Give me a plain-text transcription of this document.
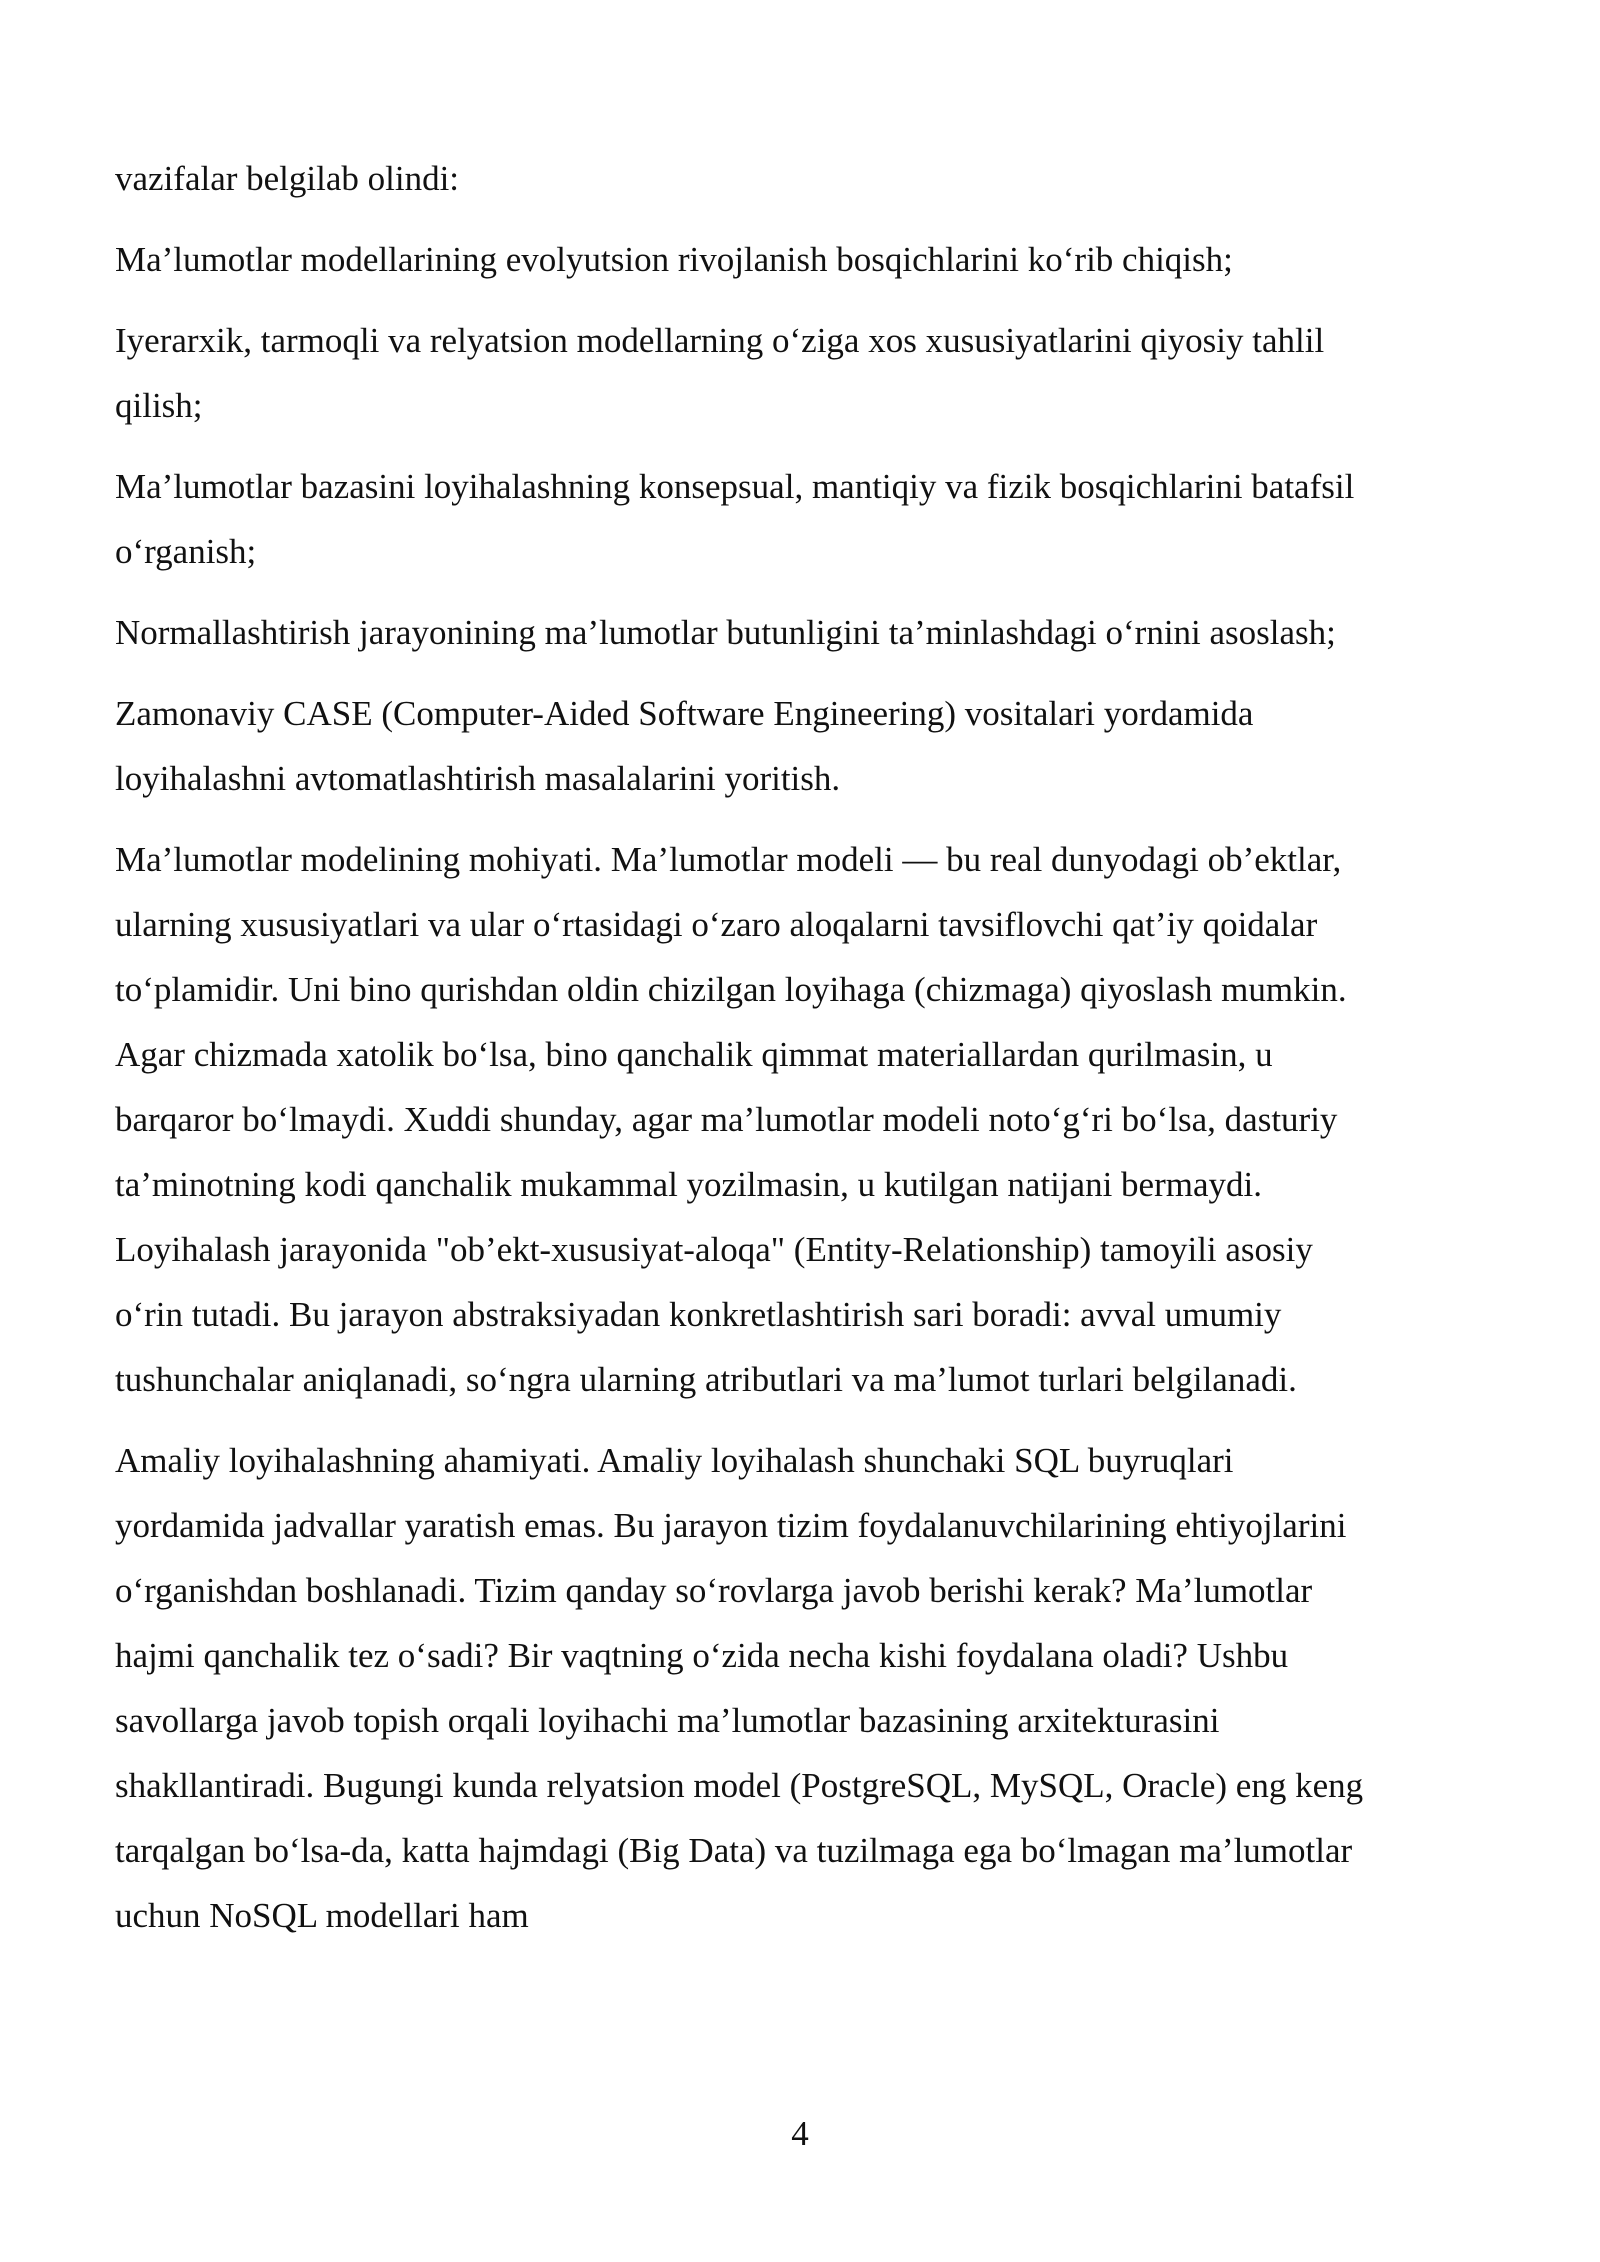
vazifalar belgilab olindi:

Ma’lumotlar modellarining evolyutsion rivojlanish bosqichlarini ko‘rib chiqish;

Iyerarxik, tarmoqli va relyatsion modellarning o‘ziga xos xususiyatlarini qiyosiy tahlil qilish;

Ma’lumotlar bazasini loyihalashning konsepsual, mantiqiy va fizik bosqichlarini batafsil o‘rganish;

Normallashtirish jarayonining ma’lumotlar butunligini ta’minlashdagi o‘rnini asoslash;

Zamonaviy CASE (Computer-Aided Software Engineering) vositalari yordamida loyihalashni avtomatlashtirish masalalarini yoritish.

Ma’lumotlar modelining mohiyati. Ma’lumotlar modeli — bu real dunyodagi ob’ektlar, ularning xususiyatlari va ular o‘rtasidagi o‘zaro aloqalarni tavsiflovchi qat’iy qoidalar to‘plamidir. Uni bino qurishdan oldin chizilgan loyihaga (chizmaga) qiyoslash mumkin. Agar chizmada xatolik bo‘lsa, bino qanchalik qimmat materiallardan qurilmasin, u barqaror bo‘lmaydi. Xuddi shunday, agar ma’lumotlar modeli noto‘g‘ri bo‘lsa, dasturiy ta’minotning kodi qanchalik mukammal yozilmasin, u kutilgan natijani bermaydi. Loyihalash jarayonida "ob’ekt-xususiyat-aloqa" (Entity-Relationship) tamoyili asosiy o‘rin tutadi. Bu jarayon abstraksiyadan konkretlashtirish sari boradi: avval umumiy tushunchalar aniqlanadi, so‘ngra ularning atributlari va ma’lumot turlari belgilanadi.

Amaliy loyihalashning ahamiyati. Amaliy loyihalash shunchaki SQL buyruqlari yordamida jadvallar yaratish emas. Bu jarayon tizim foydalanuvchilarining ehtiyojlarini o‘rganishdan boshlanadi. Tizim qanday so‘rovlarga javob berishi kerak? Ma’lumotlar hajmi qanchalik tez o‘sadi? Bir vaqtning o‘zida necha kishi foydalana oladi? Ushbu savollarga javob topish orqali loyihachi ma’lumotlar bazasining arxitekturasini shakllantiradi. Bugungi kunda relyatsion model (PostgreSQL, MySQL, Oracle) eng keng tarqalgan bo‘lsa-da, katta hajmdagi (Big Data) va tuzilmaga ega bo‘lmagan ma’lumotlar uchun NoSQL modellari ham

4
